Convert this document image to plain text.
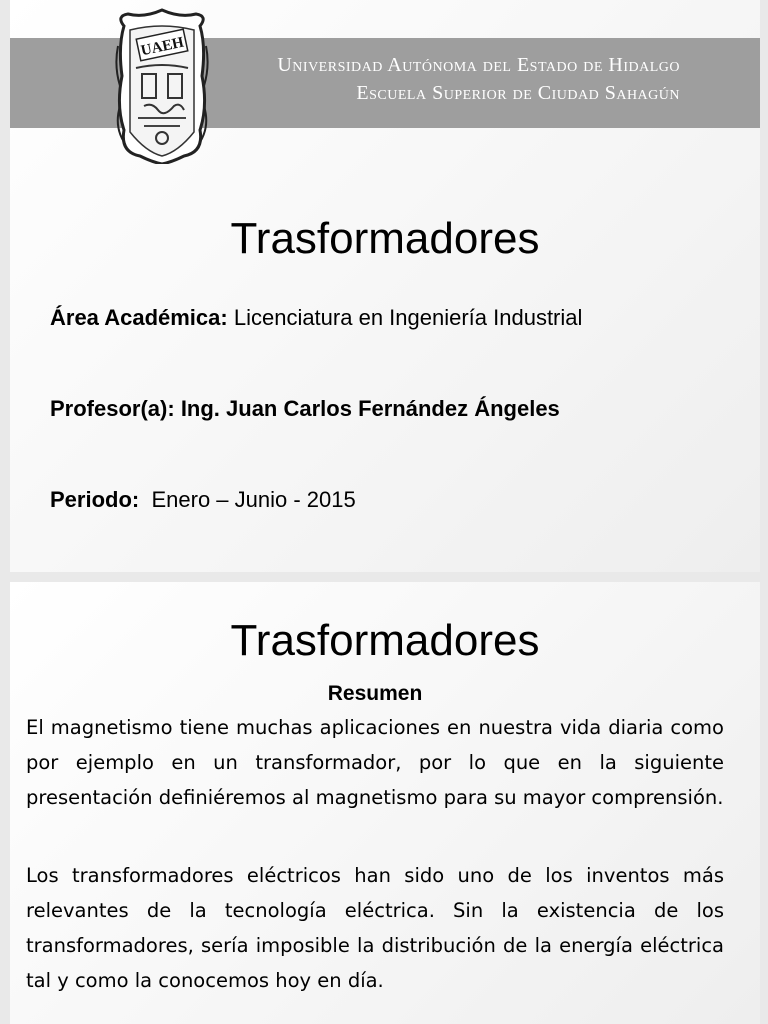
Universidad Autónoma del Estado de Hidalgo
Escuela Superior de Ciudad Sahagún
UAEH
Trasformadores
Área Académica: Licenciatura en Ingeniería Industrial
Profesor(a): Ing. Juan Carlos Fernández Ángeles
Periodo: Enero – Junio - 2015
Trasformadores
Resumen

El magnetismo tiene muchas aplicaciones en nuestra vida diaria como por ejemplo en un transformador, por lo que en la siguiente presentación definiéremos al magnetismo para su mayor comprensión.

Los transformadores eléctricos han sido uno de los inventos más relevantes de la tecnología eléctrica. Sin la existencia de los transformadores, sería imposible la distribución de la energía eléctrica tal y como la conocemos hoy en día.
